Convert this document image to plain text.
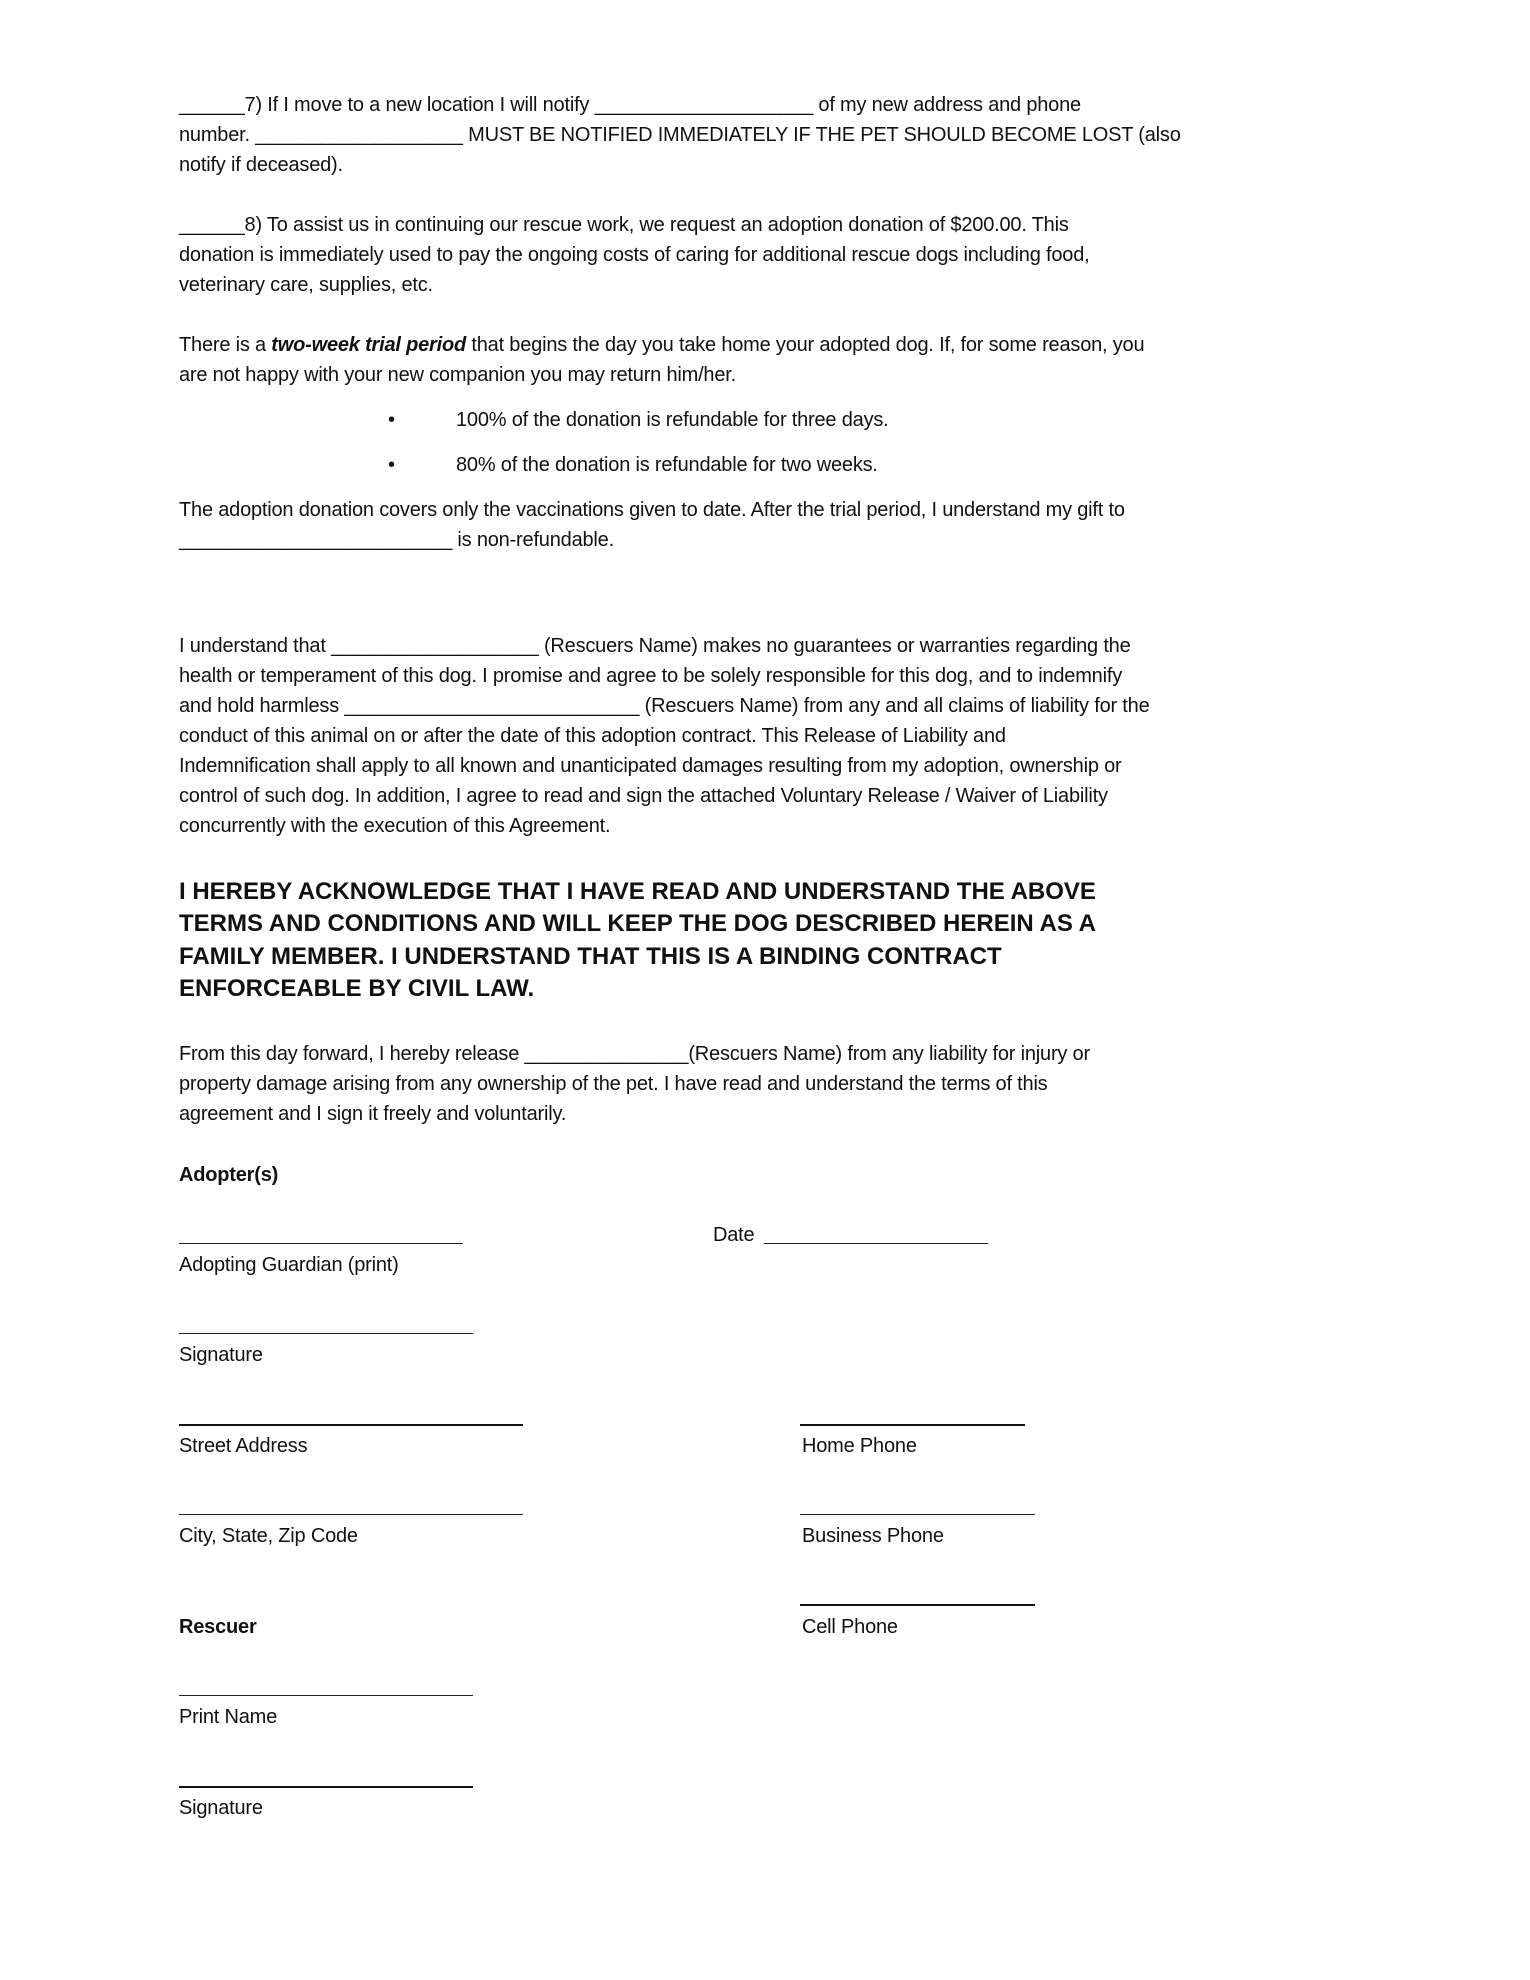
______7) If I move to a new location I will notify ____________________ of my new address and phone
number. ___________________ MUST BE NOTIFIED IMMEDIATELY IF THE PET SHOULD BECOME LOST (also
notify if deceased).
______8) To assist us in continuing our rescue work, we request an adoption donation of $200.00. This
donation is immediately used to pay the ongoing costs of caring for additional rescue dogs including food,
veterinary care, supplies, etc.
There is a two-week trial period that begins the day you take home your adopted dog. If, for some reason, you
are not happy with your new companion you may return him/her.
•	100% of the donation is refundable for three days.
•	80% of the donation is refundable for two weeks.
The adoption donation covers only the vaccinations given to date. After the trial period, I understand my gift to
_________________________ is non-refundable.
I understand that ___________________ (Rescuers Name) makes no guarantees or warranties regarding the
health or temperament of this dog. I promise and agree to be solely responsible for this dog, and to indemnify
and hold harmless ___________________________ (Rescuers Name) from any and all claims of liability for the
conduct of this animal on or after the date of this adoption contract. This Release of Liability and
Indemnification shall apply to all known and unanticipated damages resulting from my adoption, ownership or
control of such dog. In addition, I agree to read and sign the attached Voluntary Release / Waiver of Liability
concurrently with the execution of this Agreement.
I HEREBY ACKNOWLEDGE THAT I HAVE READ AND UNDERSTAND THE ABOVE
TERMS AND CONDITIONS AND WILL KEEP THE DOG DESCRIBED HEREIN AS A
FAMILY MEMBER. I UNDERSTAND THAT THIS IS A BINDING CONTRACT
ENFORCEABLE BY CIVIL LAW.
From this day forward, I hereby release _______________(Rescuers Name) from any liability for injury or
property damage arising from any ownership of the pet. I have read and understand the terms of this
agreement and I sign it freely and voluntarily.
Adopter(s)
Date
Adopting Guardian (print)
Signature
Street Address	Home Phone
City, State, Zip Code	Business Phone
Rescuer	Cell Phone
Print Name
Signature
